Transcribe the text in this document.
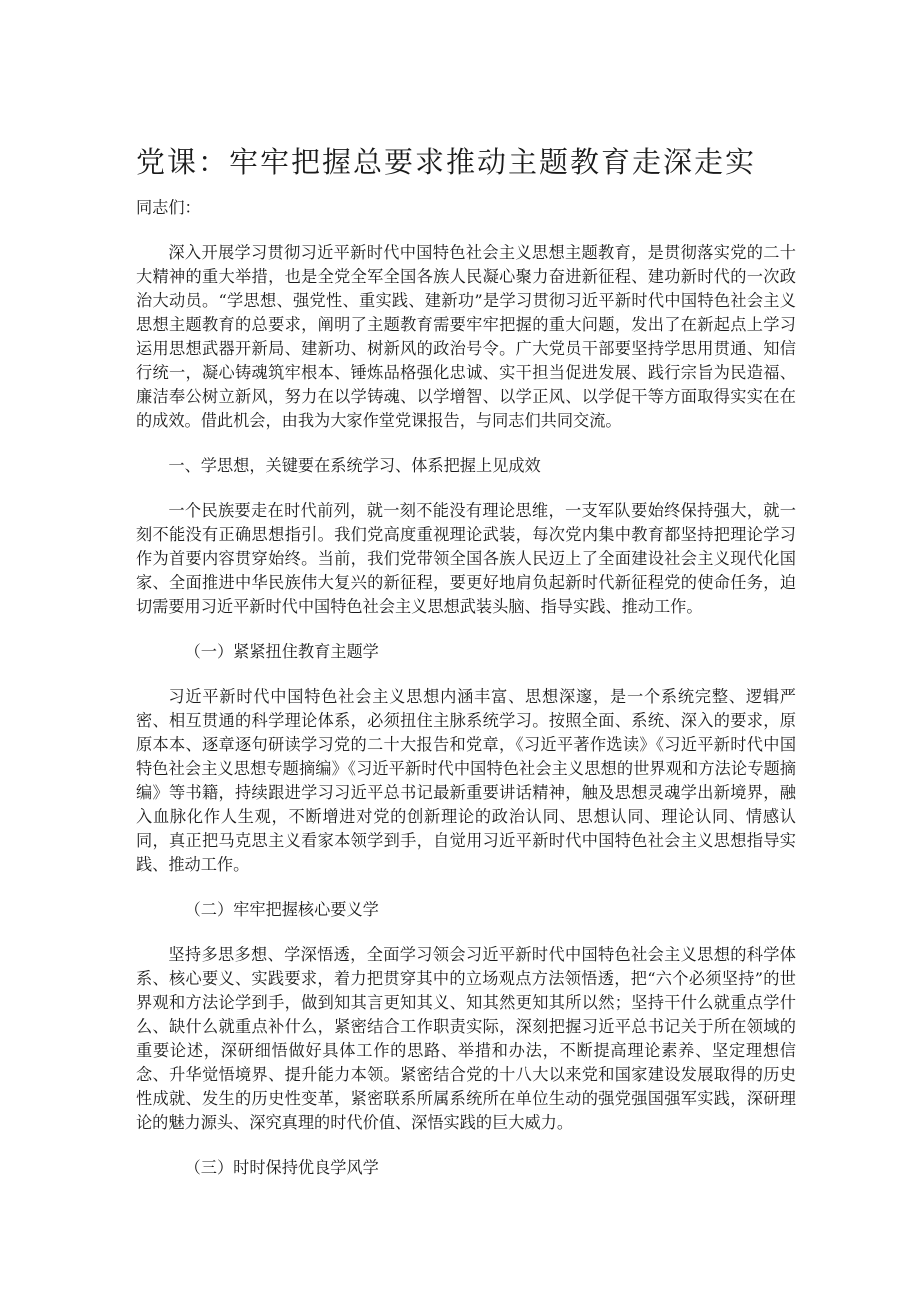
党课：牢牢把握总要求推动主题教育走深走实

同志们：

深入开展学习贯彻习近平新时代中国特色社会主义思想主题教育，是贯彻落实党的二十大精神的重大举措，也是全党全军全国各族人民凝心聚力奋进新征程、建功新时代的一次政治大动员。“学思想、强党性、重实践、建新功”是学习贯彻习近平新时代中国特色社会主义思想主题教育的总要求，阐明了主题教育需要牢牢把握的重大问题，发出了在新起点上学习运用思想武器开新局、建新功、树新风的政治号令。广大党员干部要坚持学思用贯通、知信行统一，凝心铸魂筑牢根本、锤炼品格强化忠诚、实干担当促进发展、践行宗旨为民造福、廉洁奉公树立新风，努力在以学铸魂、以学增智、以学正风、以学促干等方面取得实实在在的成效。借此机会，由我为大家作堂党课报告，与同志们共同交流。

一、学思想，关键要在系统学习、体系把握上见成效

一个民族要走在时代前列，就一刻不能没有理论思维，一支军队要始终保持强大，就一刻不能没有正确思想指引。我们党高度重视理论武装，每次党内集中教育都坚持把理论学习作为首要内容贯穿始终。当前，我们党带领全国各族人民迈上了全面建设社会主义现代化国家、全面推进中华民族伟大复兴的新征程，要更好地肩负起新时代新征程党的使命任务，迫切需要用习近平新时代中国特色社会主义思想武装头脑、指导实践、推动工作。

（一）紧紧扭住教育主题学

习近平新时代中国特色社会主义思想内涵丰富、思想深邃，是一个系统完整、逻辑严密、相互贯通的科学理论体系，必须扭住主脉系统学习。按照全面、系统、深入的要求，原原本本、逐章逐句研读学习党的二十大报告和党章，《习近平著作选读》《习近平新时代中国特色社会主义思想专题摘编》《习近平新时代中国特色社会主义思想的世界观和方法论专题摘编》等书籍，持续跟进学习习近平总书记最新重要讲话精神，触及思想灵魂学出新境界，融入血脉化作人生观，不断增进对党的创新理论的政治认同、思想认同、理论认同、情感认同，真正把马克思主义看家本领学到手，自觉用习近平新时代中国特色社会主义思想指导实践、推动工作。

（二）牢牢把握核心要义学

坚持多思多想、学深悟透，全面学习领会习近平新时代中国特色社会主义思想的科学体系、核心要义、实践要求，着力把贯穿其中的立场观点方法领悟透，把“六个必须坚持”的世界观和方法论学到手，做到知其言更知其义、知其然更知其所以然；坚持干什么就重点学什么、缺什么就重点补什么，紧密结合工作职责实际，深刻把握习近平总书记关于所在领域的重要论述，深研细悟做好具体工作的思路、举措和办法，不断提高理论素养、坚定理想信念、升华觉悟境界、提升能力本领。紧密结合党的十八大以来党和国家建设发展取得的历史性成就、发生的历史性变革，紧密联系所属系统所在单位生动的强党强国强军实践，深研理论的魅力源头、深究真理的时代价值、深悟实践的巨大威力。

（三）时时保持优良学风学
